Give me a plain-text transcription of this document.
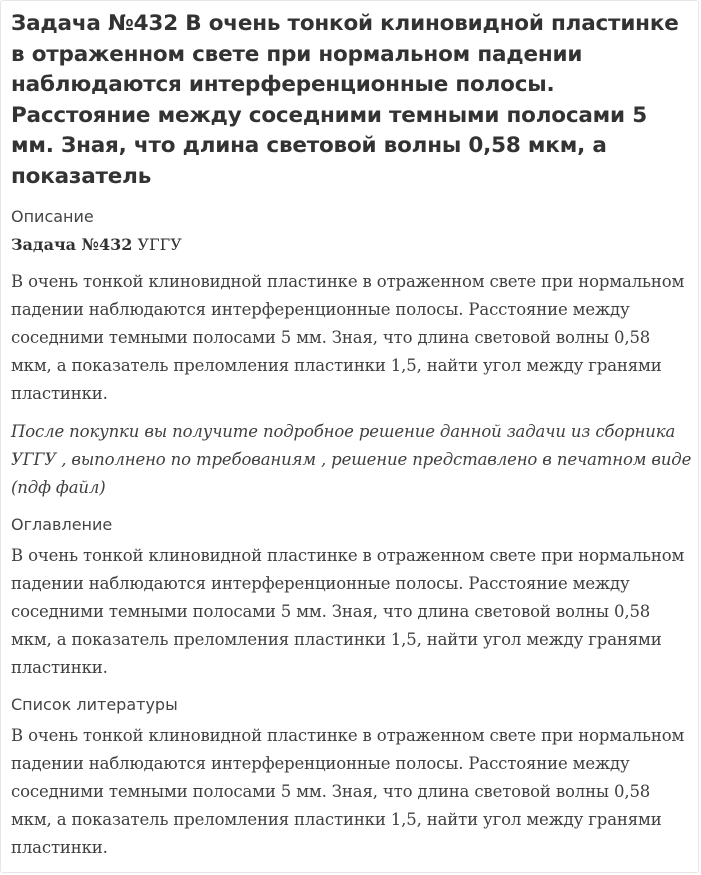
Задача №432 В очень тонкой клиновидной пластинке в отраженном свете при нормальном падении наблюдаются интерференционные полосы. Расстояние между соседними темными полосами 5 мм. Зная, что длина световой волны 0,58 мкм, а показатель
Описание
Задача №432 УГГУ
В очень тонкой клиновидной пластинке в отраженном свете при нормальном падении наблюдаются интерференционные полосы. Расстояние между соседними темными полосами 5 мм. Зная, что длина световой волны 0,58 мкм, а показатель преломления пластинки 1,5, найти угол между гранями пластинки.
После покупки вы получите подробное решение данной задачи из сборника УГГУ , выполнено по требованиям , решение представлено в печатном виде (пдф файл)
Оглавление
В очень тонкой клиновидной пластинке в отраженном свете при нормальном падении наблюдаются интерференционные полосы. Расстояние между соседними темными полосами 5 мм. Зная, что длина световой волны 0,58 мкм, а показатель преломления пластинки 1,5, найти угол между гранями пластинки.
Список литературы
В очень тонкой клиновидной пластинке в отраженном свете при нормальном падении наблюдаются интерференционные полосы. Расстояние между соседними темными полосами 5 мм. Зная, что длина световой волны 0,58 мкм, а показатель преломления пластинки 1,5, найти угол между гранями пластинки.
